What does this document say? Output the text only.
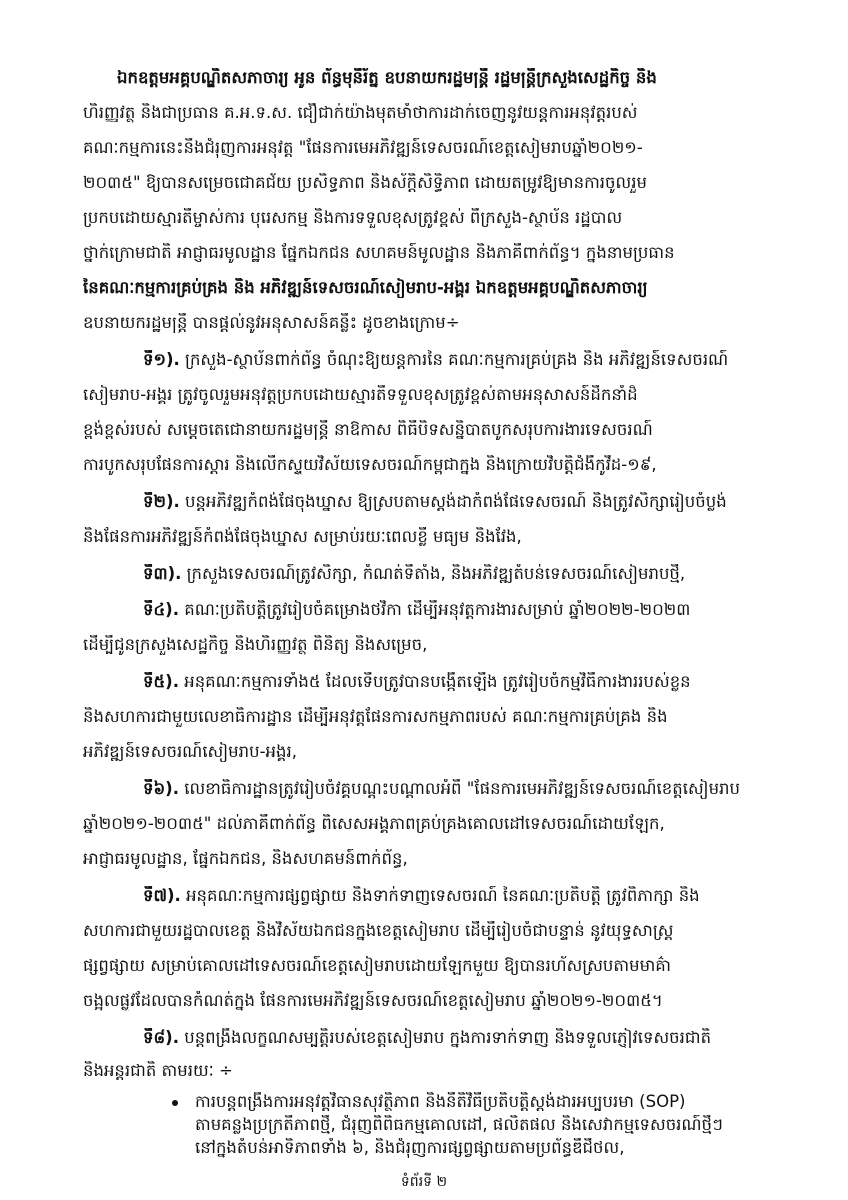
ឯកឧត្តមអគ្គបណ្ឌិតសភាចារ្យ អូន ព័ន្ធមុនីរ័ត្ន ឧបនាយករដ្ឋមន្ត្រី រដ្ឋមន្ត្រីក្រសួងសេដ្ឋកិច្ច និង
ហិរញ្ញវត្ថុ និងជាប្រធាន គ.អ.ទ.ស. ជឿជាក់យ៉ាងមុតមាំថាការដាក់ចេញនូវយន្តការអនុវត្តរបស់
គណៈកម្មការនេះនឹងជំរុញការអនុវត្ត "ផែនការមេអភិវឌ្ឍន៍ទេសចរណ៍ខេត្តសៀមរាបឆ្នាំ២០២១-
២០៣៥" ឱ្យបានសម្រេចជោគជ័យ ប្រសិទ្ធភាព និងស័ក្តិសិទ្ធិភាព ដោយតម្រូវឱ្យមានការចូលរួម
ប្រកបដោយស្មារតីម្ចាស់ការ បុរេសកម្ម និងការទទួលខុសត្រូវខ្ពស់ ពីក្រសួង-ស្ថាប័ន រដ្ឋបាល
ថ្នាក់ក្រោមជាតិ អាជ្ញាធរមូលដ្ឋាន ផ្នែកឯកជន សហគមន៍មូលដ្ឋាន និងភាគីពាក់ព័ន្ធ។ ក្នុងនាមប្រធាន
នៃគណៈកម្មការគ្រប់គ្រង និង អភិវឌ្ឍន៍ទេសចរណ៍សៀមរាប-អង្គរ ឯកឧត្តមអគ្គបណ្ឌិតសភាចារ្យ
ឧបនាយករដ្ឋមន្ត្រី បានផ្តល់នូវអនុសាសន៍គន្លឹះ ដូចខាងក្រោម÷
ទី១). ក្រសួង-ស្ថាប័នពាក់ព័ន្ធ ចំណុះឱ្យយន្តការនៃ គណៈកម្មការគ្រប់គ្រង និង អភិវឌ្ឍន៍ទេសចរណ៍
សៀមរាប-អង្គរ ត្រូវចូលរួមអនុវត្តប្រកបដោយស្មារតីទទួលខុសត្រូវខ្ពស់តាមអនុសាសន៍ដឹកនាំដ៏
ខ្ពង់ខ្ពស់របស់ សម្តេចតេជោនាយករដ្ឋមន្ត្រី នាឱកាស ពិធីបិទសន្និបាតបូកសរុបការងារទេសចរណ៍
ការបូកសរុបផែនការស្តារ និងលើកស្ទួយវិស័យទេសចរណ៍កម្ពុជាក្នុង និងក្រោយវិបត្តិជំងឺកូវីដ-១៩,
ទី២). បន្តអភិវឌ្ឍកំពង់ផែចុងឃ្នាស ឱ្យស្របតាមស្តង់ដាកំពង់ផែទេសចរណ៍ និងត្រូវសិក្សារៀបចំប្លង់
និងផែនការអភិវឌ្ឍន៍កំពង់ផែចុងឃ្នាស សម្រាប់រយៈពេលខ្លី មធ្យម និងវែង,
ទី៣). ក្រសួងទេសចរណ៍ត្រូវសិក្សា, កំណត់ទីតាំង, និងអភិវឌ្ឍតំបន់ទេសចរណ៍សៀមរាបថ្មី,
ទី៤). គណៈប្រតិបត្តិត្រូវរៀបចំគម្រោងថវិកា ដើម្បីអនុវត្តការងារសម្រាប់ ឆ្នាំ២០២២-២០២៣
ដើម្បីជូនក្រសួងសេដ្ឋកិច្ច និងហិរញ្ញវត្ថុ ពិនិត្យ និងសម្រេច,
ទី៥). អនុគណៈកម្មការទាំង៥ ដែលទើបត្រូវបានបង្កើតឡើង ត្រូវរៀបចំកម្មវិធីការងាររបស់ខ្លួន
និងសហការជាមួយលេខាធិការដ្ឋាន ដើម្បីអនុវត្តផែនការសកម្មភាពរបស់ គណៈកម្មការគ្រប់គ្រង និង
អភិវឌ្ឍន៍ទេសចរណ៍សៀមរាប-អង្គរ,
ទី៦). លេខាធិការដ្ឋានត្រូវរៀបចំវគ្គបណ្តុះបណ្តាលអំពី "ផែនការមេអភិវឌ្ឍន៍ទេសចរណ៍ខេត្តសៀមរាប
ឆ្នាំ២០២១-២០៣៥" ដល់ភាគីពាក់ព័ន្ធ ពិសេសអង្គភាពគ្រប់គ្រងគោលដៅទេសចរណ៍ដោយឡែក,
អាជ្ញាធរមូលដ្ឋាន, ផ្នែកឯកជន, និងសហគមន៍ពាក់ព័ន្ធ,
ទី៧). អនុគណៈកម្មការផ្សព្វផ្សាយ និងទាក់ទាញទេសចរណ៍ នៃគណៈប្រតិបត្តិ ត្រូវពិភាក្សា និង
សហការជាមួយរដ្ឋបាលខេត្ត និងវិស័យឯកជនក្នុងខេត្តសៀមរាប ដើម្បីរៀបចំជាបន្ទាន់ នូវយុទ្ធសាស្ត្រ
ផ្សព្វផ្សាយ សម្រាប់គោលដៅទេសចរណ៍ខេត្តសៀមរាបដោយឡែកមួយ ឱ្យបានរហ័សស្របតាមមាគ៌ា
ចង្អុលផ្លូវដែលបានកំណត់ក្នុង ផែនការមេអភិវឌ្ឍន៍ទេសចរណ៍ខេត្តសៀមរាប ឆ្នាំ២០២១-២០៣៥។
ទី៨). បន្តពង្រឹងលក្ខណសម្បត្តិរបស់ខេត្តសៀមរាប ក្នុងការទាក់ទាញ និងទទួលភ្ញៀវទេសចរជាតិ
និងអន្តរជាតិ តាមរយៈ ÷
ការបន្តពង្រឹងការអនុវត្តវិធានសុវត្ថិភាព និងនីតិវិធីប្រតិបត្តិស្តង់ដារអប្បបរមា (SOP)
តាមគន្លងប្រក្រតីភាពថ្មី, ជំរុញពិពិធកម្មគោលដៅ, ផលិតផល និងសេវាកម្មទេសចរណ៍ថ្មីៗ
នៅក្នុងតំបន់អាទិភាពទាំង ៦, និងជំរុញការផ្សព្វផ្សាយតាមប្រព័ន្ធឌីជីថល,
ទំព័រទី ២
